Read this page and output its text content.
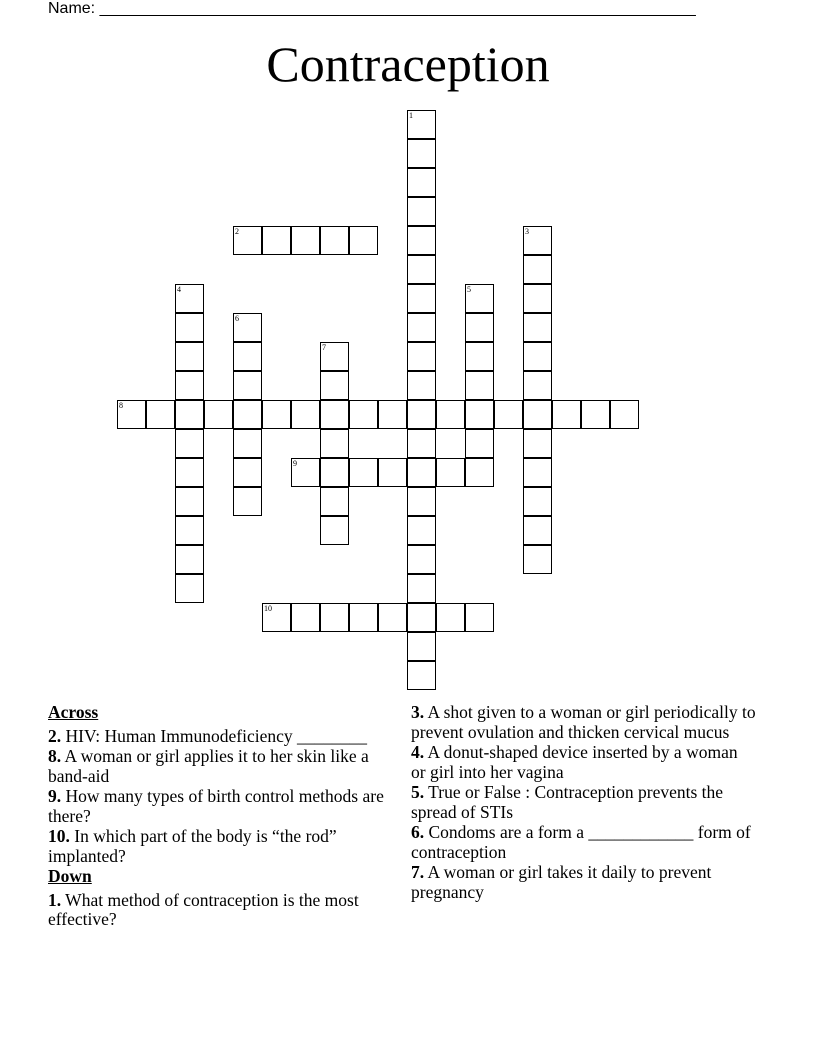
Name: ___________________________________________________________________
Contraception
2
8
9
10
1
3
4	5
6
7
Across
2. HIV: Human Immunodeficiency ________
8. A woman or girl applies it to her skin like a band-aid
9. How many types of birth control methods are there?
10. In which part of the body is “the rod” implanted?
Down
1. What method of contraception is the most effective?
3. A shot given to a woman or girl periodically to prevent ovulation and thicken cervical mucus
4. A donut-shaped device inserted by a woman or girl into her vagina
5. True or False : Contraception prevents the spread of STIs
6. Condoms are a form a ____________ form of contraception
7. A woman or girl takes it daily to prevent pregnancy
